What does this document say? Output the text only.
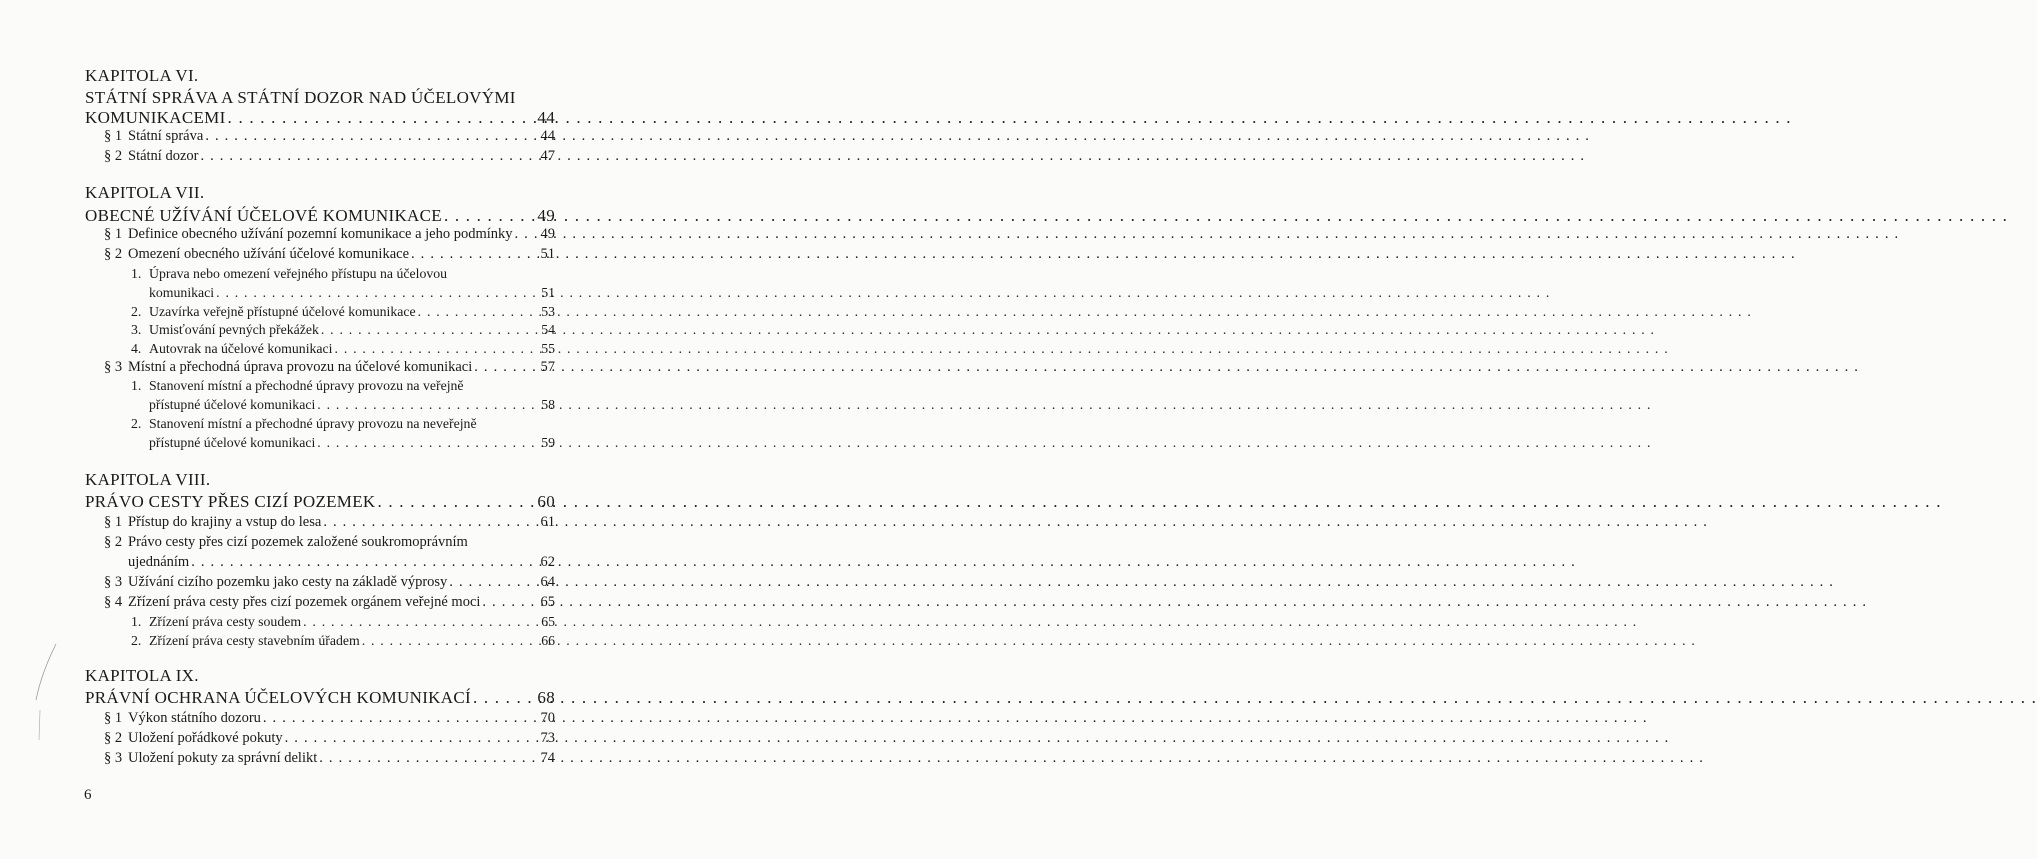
KAPITOLA VI.
STÁTNÍ SPRÁVA A STÁTNÍ DOZOR NAD ÚČELOVÝMI
KOMUNIKACEMI . . .	44
§ 1 Státní správa . . .	44
§ 2 Státní dozor . . .	47
KAPITOLA VII.
OBECNÉ UŽÍVÁNÍ ÚČELOVÉ KOMUNIKACE . . .	49
§ 1 Definice obecného užívání pozemní komunikace a jeho podmínky . . . 49
§ 2 Omezení obecného užívání účelové komunikace . . .	51
1. Úprava nebo omezení veřejného přístupu na účelovou
komunikaci . . .	51
2. Uzavírka veřejně přístupné účelové komunikace . . .	53
3. Umisťování pevných překážek . . .	54
4. Autovrak na účelové komunikaci . . .	55
§ 3 Místní a přechodná úprava provozu na účelové komunikaci . . .	57
1. Stanovení místní a přechodné úpravy provozu na veřejně
přístupné účelové komunikaci . . .	58
2. Stanovení místní a přechodné úpravy provozu na neveřejně
přístupné účelové komunikaci . . .	59
KAPITOLA VIII.
PRÁVO CESTY PŘES CIZÍ POZEMEK . . .	60
§ 1 Přístup do krajiny a vstup do lesa . . .	61
§ 2 Právo cesty přes cizí pozemek založené soukromoprávním
ujednáním . . .	62
§ 3 Užívání cizího pozemku jako cesty na základě výprosy . . .	64
§ 4 Zřízení práva cesty přes cizí pozemek orgánem veřejné moci . . .	65
1. Zřízení práva cesty soudem . . .	65
2. Zřízení práva cesty stavebním úřadem . . .	66
KAPITOLA IX.
PRÁVNÍ OCHRANA ÚČELOVÝCH KOMUNIKACÍ . . .	68
§ 1 Výkon státního dozoru . . .	70
§ 2 Uložení pořádkové pokuty . . .	73
§ 3 Uložení pokuty za správní delikt . . .	74
6
